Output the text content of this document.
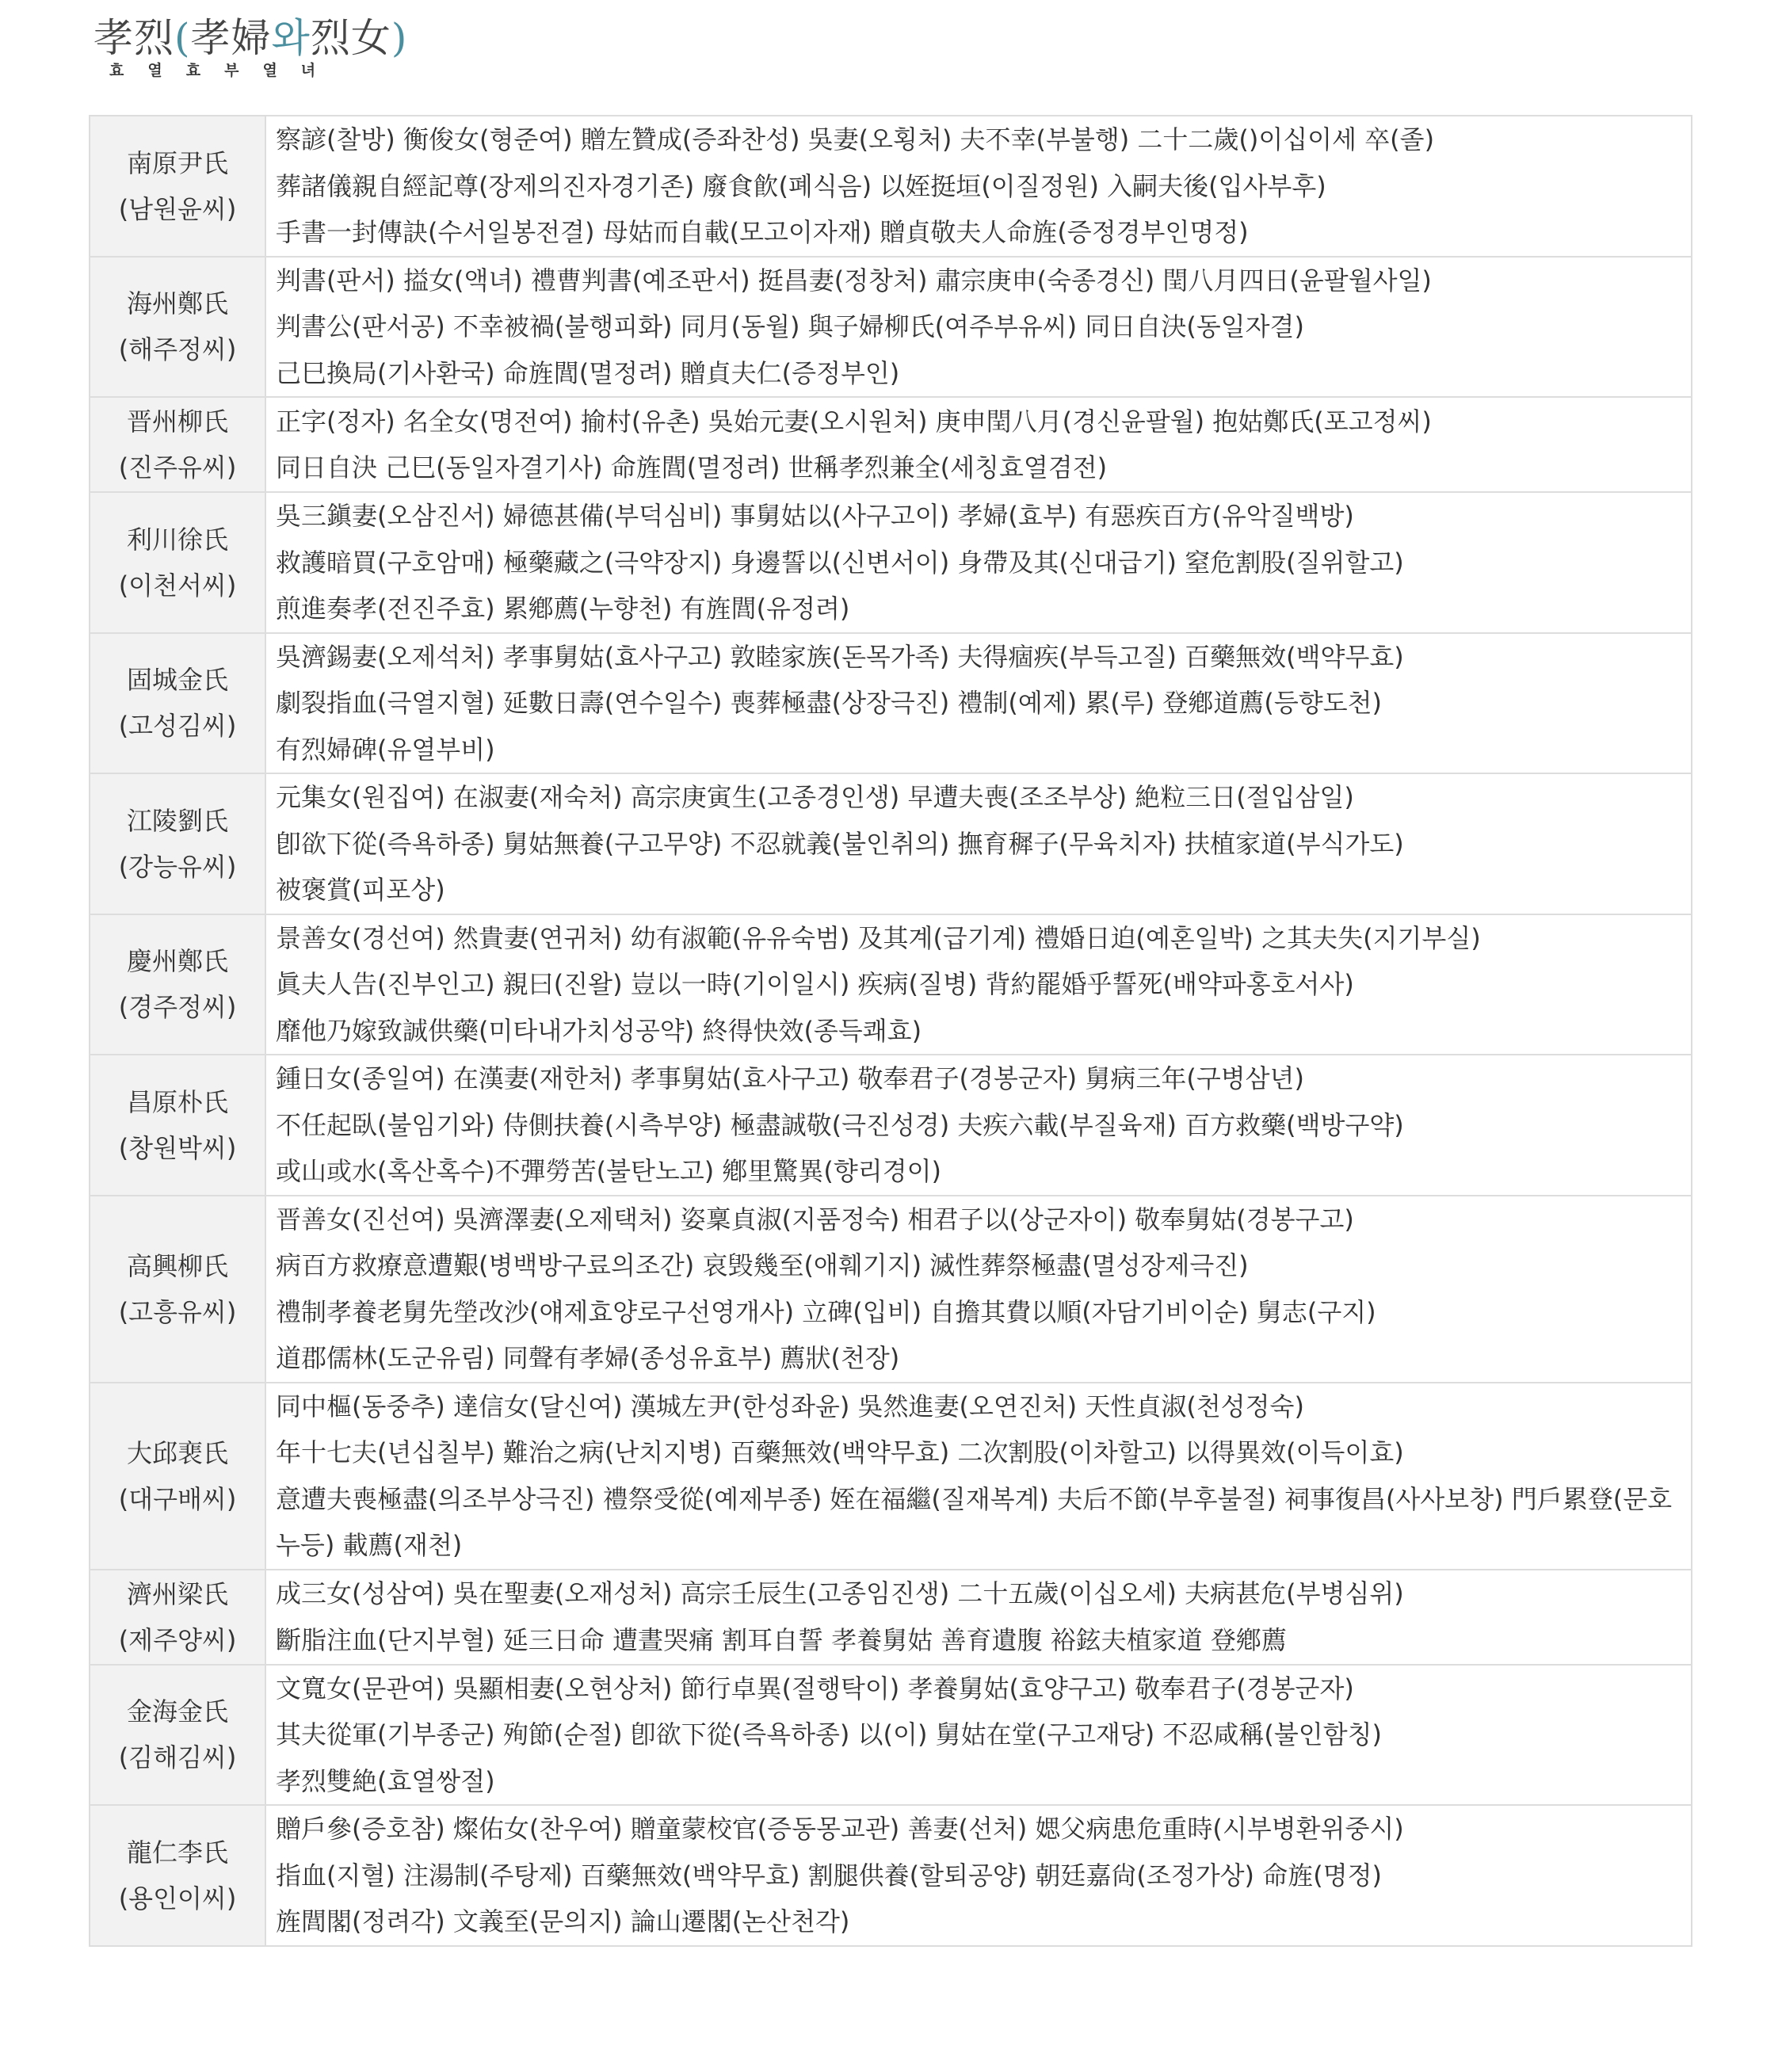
孝烈(孝婦와烈女)
효 열 효 부 열 녀
南原尹氏
(남원윤씨)	察諺(찰방) 衡俊女(형준여) 贈左贊成(증좌찬성) 吳妻(오횡처) 夫不幸(부불행) 二十二歲()이십이세 卒(졸)
葬諸儀親自經記尊(장제의진자경기존) 廢食飮(폐식음) 以姪挺垣(이질정원) 入嗣夫後(입사부후)
手書一封傳訣(수서일봉전결) 母姑而自載(모고이자재) 贈貞敬夫人命旌(증정경부인명정)

海州鄭氏
(해주정씨)	判書(판서) 搤女(액녀) 禮曹判書(예조판서) 挺昌妻(정창처) 肅宗庚申(숙종경신) 閏八月四日(윤팔월사일)
判書公(판서공) 不幸被禍(불행피화) 同月(동월) 與子婦柳氏(여주부유씨) 同日自決(동일자결)
己巳換局(기사환국) 命旌閭(멸정려) 贈貞夫仁(증정부인)

晋州柳氏
(진주유씨)	正字(정자) 名全女(명전여) 揄村(유촌) 吳始元妻(오시원처) 庚申閏八月(경신윤팔월) 抱姑鄭氏(포고정씨)
同日自決 己巳(동일자결기사) 命旌閭(멸정려) 世稱孝烈兼全(세칭효열겸전)

利川徐氏
(이천서씨)	吳三鎭妻(오삼진서) 婦德甚備(부덕심비) 事舅姑以(사구고이) 孝婦(효부) 有惡疾百方(유악질백방)
救護暗買(구호암매) 極藥藏之(극약장지) 身邊誓以(신변서이) 身帶及其(신대급기) 窒危割股(질위할고)
煎進奏孝(전진주효) 累鄕薦(누향천) 有旌閭(유정려)

固城金氏
(고성김씨)	吳濟錫妻(오제석처) 孝事舅姑(효사구고) 敦睦家族(돈목가족) 夫得痼疾(부득고질) 百藥無效(백약무효)
劇裂指血(극열지혈) 延數日壽(연수일수) 喪葬極盡(상장극진) 禮制(예제) 累(루) 登鄕道薦(등향도천)
有烈婦碑(유열부비)

江陵劉氏
(강능유씨)	元集女(원집여) 在淑妻(재숙처) 高宗庚寅生(고종경인생) 早遭夫喪(조조부상) 絶粒三日(절입삼일)
卽欲下從(즉욕하종) 舅姑無養(구고무양) 不忍就義(불인취의) 撫育穉子(무육치자) 扶植家道(부식가도)
被褒賞(피포상)

慶州鄭氏
(경주정씨)	景善女(경선여) 然貴妻(연귀처) 幼有淑範(유유숙범) 及其계(급기계) 禮婚日迫(예혼일박) 之其夫失(지기부실)
眞夫人告(진부인고) 親曰(진왈) 豈以一時(기이일시) 疾病(질병) 背約罷婚乎誓死(배약파홍호서사)
靡他乃嫁致誠供藥(미타내가치성공약) 終得快效(종득쾌효)

昌原朴氏
(창원박씨)	鍾日女(종일여) 在漢妻(재한처) 孝事舅姑(효사구고) 敬奉君子(경봉군자) 舅病三年(구병삼년)
不任起臥(불임기와) 侍側扶養(시측부양) 極盡誠敬(극진성경) 夫疾六載(부질육재) 百方救藥(백방구약)
或山或水(혹산혹수)不彈勞苦(불탄노고) 鄕里驚異(향리경이)

高興柳氏
(고흥유씨)	晋善女(진선여) 吳濟澤妻(오제택처) 姿稟貞淑(지품정숙) 相君子以(상군자이) 敬奉舅姑(경봉구고)
病百方救療意遭艱(병백방구료의조간) 哀毁幾至(애훼기지) 滅性葬祭極盡(멸성장제극진)
禮制孝養老舅先塋改沙(얘제효양로구선영개사) 立碑(입비) 自擔其費以順(자담기비이순) 舅志(구지)
道郡儒林(도군유림) 同聲有孝婦(종성유효부) 薦狀(천장)

大邱裵氏
(대구배씨)	同中樞(동중추) 達信女(달신여) 漢城左尹(한성좌윤) 吳然進妻(오연진처) 天性貞淑(천성정숙)
年十七夫(년십칠부) 難治之病(난치지병) 百藥無效(백약무효) 二次割股(이차할고) 以得異效(이득이효)
意遭夫喪極盡(의조부상극진) 禮祭受從(예제부종) 姪在福繼(질재복계) 夫后不節(부후불절) 祠事復昌(사사보창) 門戶累登(문호누등) 載薦(재천)

濟州梁氏
(제주양씨)	成三女(성삼여) 吳在聖妻(오재성처) 高宗壬辰生(고종임진생) 二十五歲(이십오세) 夫病甚危(부병심위)
斷脂注血(단지부혈) 延三日命 遭晝哭痛 割耳自誓 孝養舅姑 善育遺腹 裕鉉夫植家道 登鄕薦

金海金氏
(김해김씨)	文寬女(문관여) 吳顯相妻(오현상처) 節行卓異(절행탁이) 孝養舅姑(효양구고) 敬奉君子(경봉군자)
其夫從軍(기부종군) 殉節(순절) 卽欲下從(즉욕하종) 以(이) 舅姑在堂(구고재당) 不忍咸稱(불인함칭)
孝烈雙絶(효열쌍절)

龍仁李氏
(용인이씨)	贈戶參(증호참) 燦佑女(찬우여) 贈童蒙校官(증동몽교관) 善妻(선처) 媤父病患危重時(시부병환위중시)
指血(지혈) 注湯制(주탕제) 百藥無效(백약무효) 割腿供養(할퇴공양) 朝廷嘉尙(조정가상) 命旌(명정)
旌閭閣(정려각) 文義至(문의지) 論山遷閣(논산천각)
